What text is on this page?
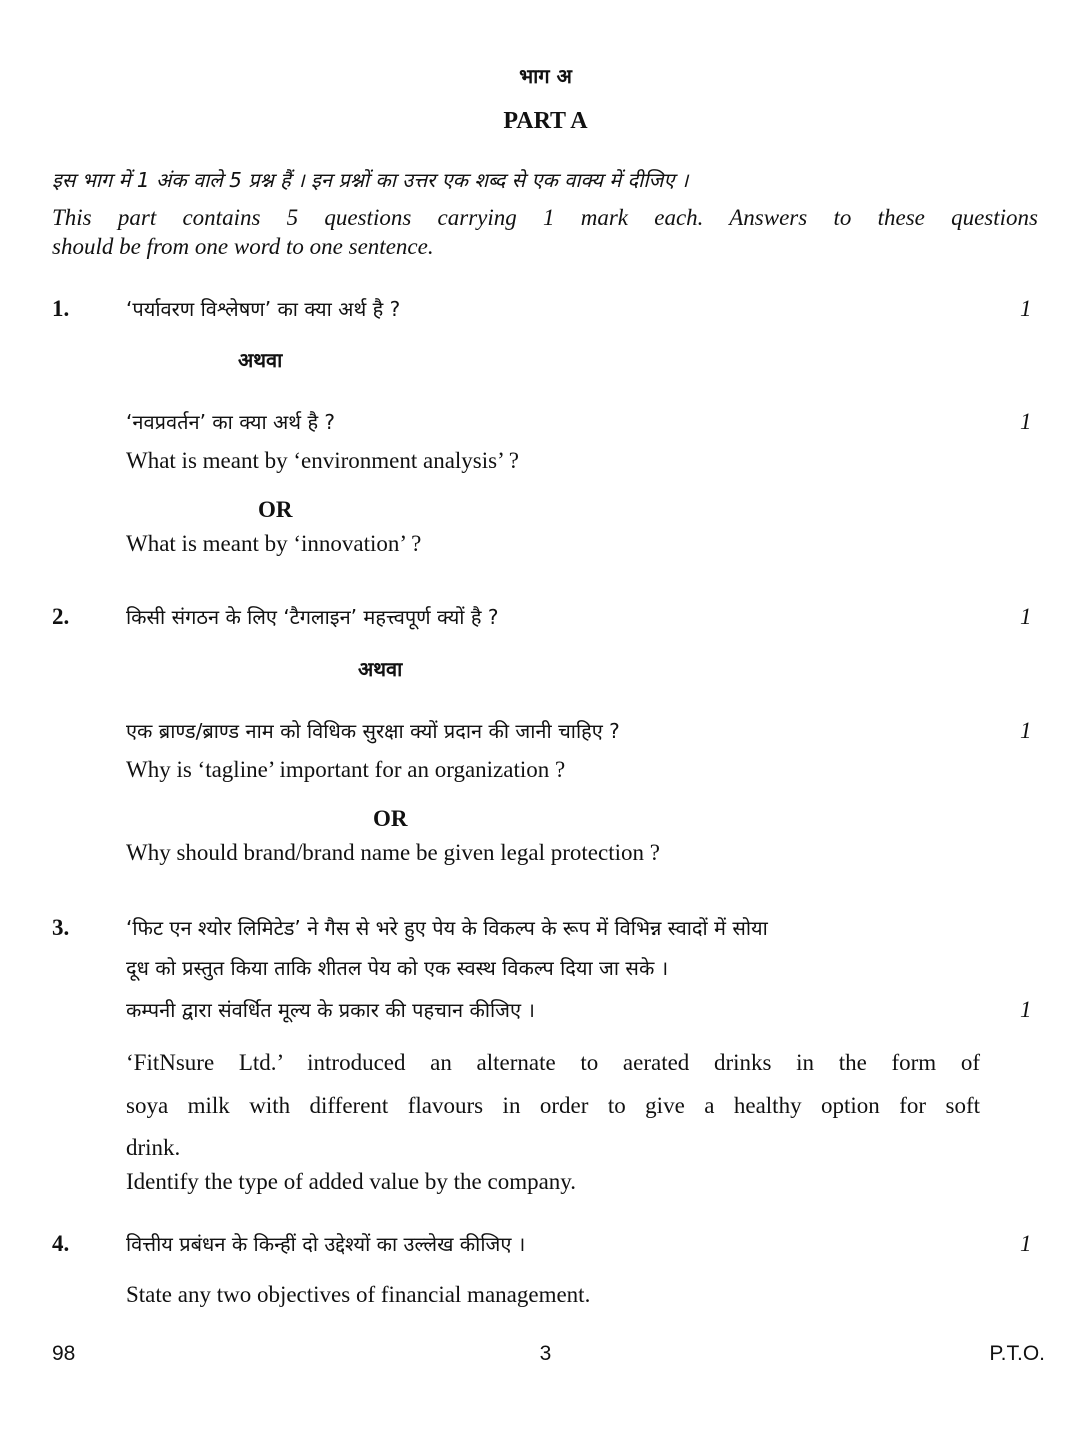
भाग अ
PART A
इस भाग में 1 अंक वाले 5 प्रश्न हैं । इन प्रश्नों का उत्तर एक शब्द से एक वाक्य में दीजिए ।
This part contains 5 questions carrying 1 mark each. Answers to these questions
should be from one word to one sentence.
1.	‘पर्यावरण विश्लेषण’ का क्या अर्थ है ?	1
अथवा
‘नवप्रवर्तन’ का क्या अर्थ है ?	1
What is meant by ‘environment analysis’ ?
OR
What is meant by ‘innovation’ ?
2.	किसी संगठन के लिए ‘टैगलाइन’ महत्त्वपूर्ण क्यों है ?	1
अथवा
एक ब्राण्ड/ब्राण्ड नाम को विधिक सुरक्षा क्यों प्रदान की जानी चाहिए ?	1
Why is ‘tagline’ important for an organization ?
OR
Why should brand/brand name be given legal protection ?
3.	‘फिट एन श्योर लिमिटेड’ ने गैस से भरे हुए पेय के विकल्प के रूप में विभिन्न स्वादों में सोया
दूध को प्रस्तुत किया ताकि शीतल पेय को एक स्वस्थ विकल्प दिया जा सके ।
कम्पनी द्वारा संवर्धित मूल्य के प्रकार की पहचान कीजिए ।	1
‘FitNsure Ltd.’ introduced an alternate to aerated drinks in the form of
soya milk with different flavours in order to give a healthy option for soft
drink.
Identify the type of added value by the company.
4.	वित्तीय प्रबंधन के किन्हीं दो उद्देश्यों का उल्लेख कीजिए ।	1
State any two objectives of financial management.
98	3	P.T.O.
